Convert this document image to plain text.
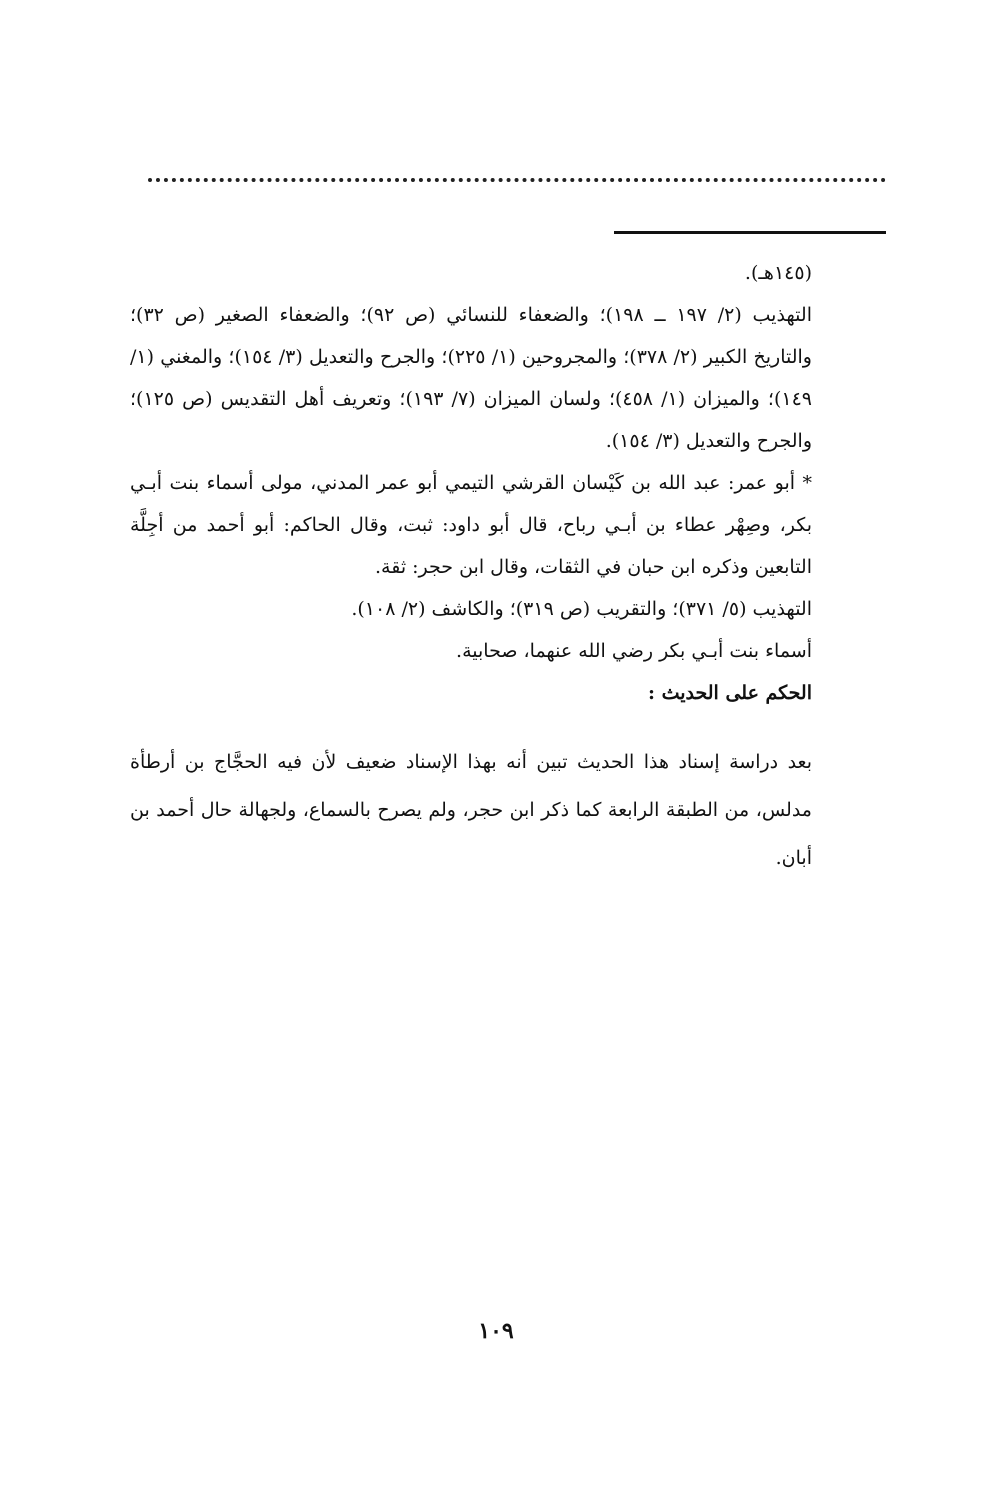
(١٤٥هـ).

التهذيب (٢/ ١٩٧ ــ ١٩٨)؛ والضعفاء للنسائي (ص ٩٢)؛ والضعفاء الصغير (ص ٣٢)؛ والتاريخ الكبير (٢/ ٣٧٨)؛ والمجروحين (١/ ٢٢٥)؛ والجرح والتعديل (٣/ ١٥٤)؛ والمغني (١/ ١٤٩)؛ والميزان (١/ ٤٥٨)؛ ولسان الميزان (٧/ ١٩٣)؛ وتعريف أهل التقديس (ص ١٢٥)؛ والجرح والتعديل (٣/ ١٥٤).

* أبو عمر: عبد الله بن كَيْسان القرشي التيمي أبو عمر المدني، مولى أسماء بنت أبـي بكر، وصِهْر عطاء بن أبـي رباح، قال أبو داود: ثبت، وقال الحاكم: أبو أحمد من أجِلَّة التابعين وذكره ابن حبان في الثقات، وقال ابن حجر: ثقة.

التهذيب (٥/ ٣٧١)؛ والتقريب (ص ٣١٩)؛ والكاشف (٢/ ١٠٨).

أسماء بنت أبـي بكر رضي الله عنهما، صحابية.

الحكم على الحديث :

بعد دراسة إسناد هذا الحديث تبين أنه بهذا الإسناد ضعيف لأن فيه الحجَّاج بن أرطأة مدلس، من الطبقة الرابعة كما ذكر ابن حجر، ولم يصرح بالسماع، ولجهالة حال أحمد بن أبان.

١٠٩
